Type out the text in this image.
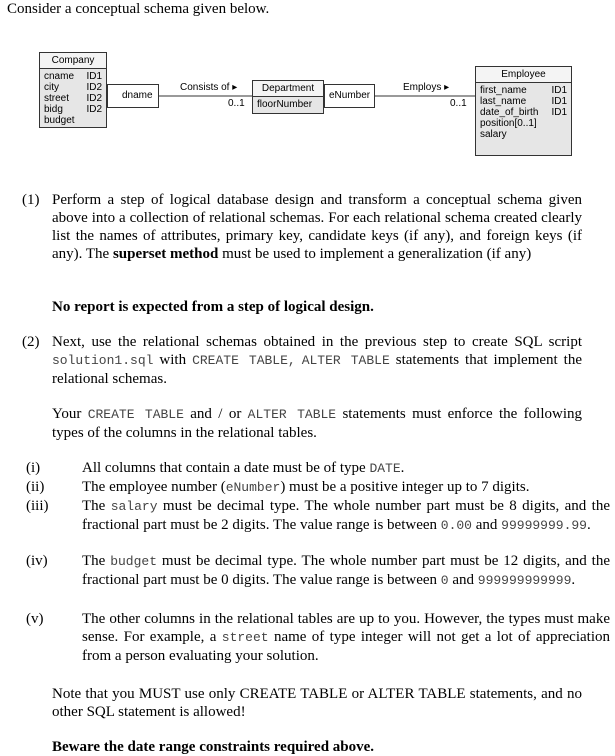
Consider a conceptual schema given below.
Company
cname ID1
city	ID2
street ID2
bidg ID2
budget
dname
Consists of ▸
0..1
Department
floorNumber
eNumber
Employs ▸
0..1
Employee
first_name ID1
last_name	ID1
date_of_birth ID1
position[0..1]
salary
(1) Perform a step of logical database design and transform a conceptual schema given above into a collection of relational schemas. For each relational schema created clearly list the names of attributes, primary key, candidate keys (if any), and foreign keys (if any). The superset method must be used to implement a generalization (if any)
No report is expected from a step of logical design.
(2) Next, use the relational schemas obtained in the previous step to create SQL script solution1.sql with CREATE TABLE, ALTER TABLE statements that implement the relational schemas.
Your CREATE TABLE and / or ALTER TABLE statements must enforce the following types of the columns in the relational tables.
(i)	All columns that contain a date must be of type DATE.
(ii)	The employee number (eNumber) must be a positive integer up to 7 digits.
(iii) The salary must be decimal type. The whole number part must be 8 digits, and the fractional part must be 2 digits. The value range is between 0.00 and 99999999.99.
(iv) The budget must be decimal type. The whole number part must be 12 digits, and the fractional part must be 0 digits. The value range is between 0 and 999999999999.
(v)	The other columns in the relational tables are up to you. However, the types must make sense. For example, a street name of type integer will not get a lot of appreciation from a person evaluating your solution.
Note that you MUST use only CREATE TABLE or ALTER TABLE statements, and no other SQL statement is allowed!
Beware the date range constraints required above.
